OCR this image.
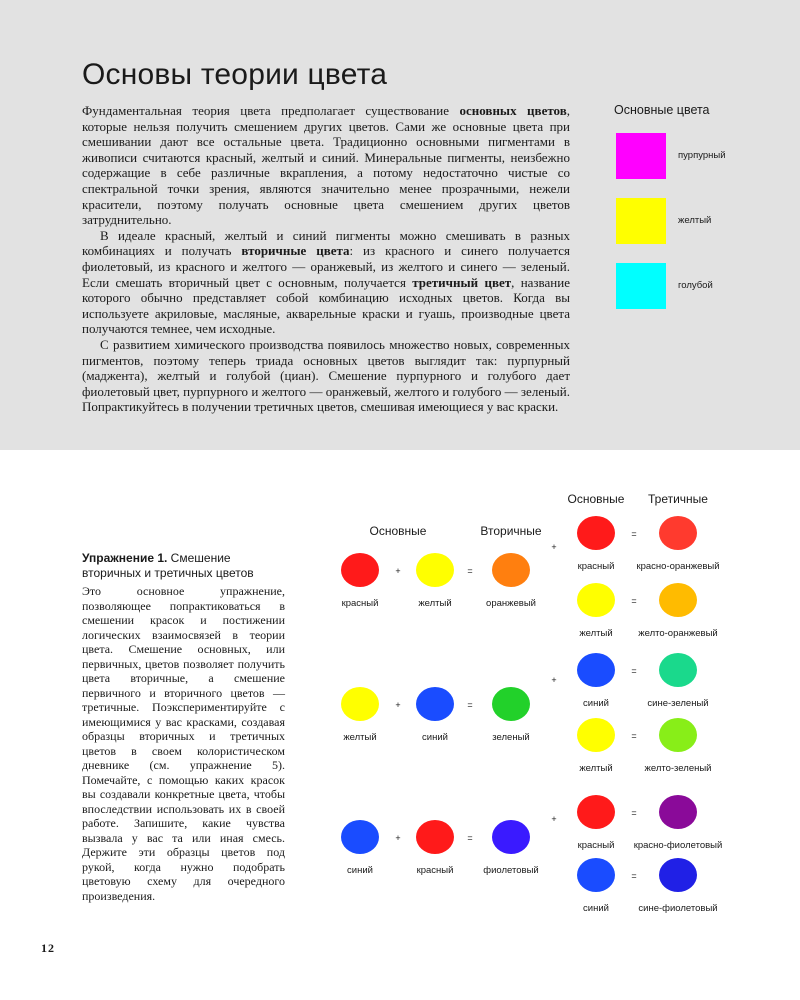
Основы теории цвета

Фундаментальная теория цвета предполагает существование основных цветов, которые нельзя получить смешением других цветов. Сами же основные цвета при смешивании дают все остальные цвета. Традиционно основными пигментами в живописи считаются красный, желтый и синий. Минеральные пигменты, неизбежно содержащие в себе различные вкрапления, а потому недостаточно чистые со спектральной точки зрения, являются значительно менее прозрачными, нежели красители, поэтому получать основные цвета смешением других цветов затруднительно.

В идеале красный, желтый и синий пигменты можно смешивать в разных комбинациях и получать вторичные цвета: из красного и синего получается фиолетовый, из красного и желтого — оранжевый, из желтого и синего — зеленый. Если смешать вторичный цвет с основным, получается третичный цвет, название которого обычно представляет собой комбинацию исходных цветов. Когда вы используете акриловые, масляные, акварельные краски и гуашь, производные цвета получаются темнее, чем исходные.

С развитием химического производства появилось множество новых, современных пигментов, поэтому теперь триада основных цветов выглядит так: пурпурный (маджента), желтый и голубой (циан). Смешение пурпурного и голубого дает фиолетовый цвет, пурпурного и желтого — оранжевый, желтого и голубого — зеленый. Попрактикуйтесь в получении третичных цветов, смешивая имеющиеся у вас краски.

Основные цвета
пурпурный
желтый
голубой
Упражнение 1. Смешение вторичных и третичных цветов
Это основное упражнение, позволяющее попрактиковаться в смешении красок и постижении логических взаимосвязей в теории цвета. Смешение основных, или первичных, цветов позволяет получить цвета вторичные, а смешение первичного и вторичного цветов — третичные. Поэкспериментируйте с имеющимися у вас красками, создавая образцы вторичных и третичных цветов в своем колористическом дневнике (см. упражнение 5). Помечайте, с помощью каких красок вы создавали конкретные цвета, чтобы впоследствии использовать их в своей работе. Запишите, какие чувства вызвала у вас та или иная смесь. Держите эти образцы цветов под рукой, когда нужно подобрать цветовую схему для очередного произведения.
Основные	Вторичные
Основные Третичные
красный
+
желтый
=
оранжевый
желтый
+
синий
=
зеленый
синий
+
красный
=
фиолетовый
+
+
+
красный
=
красно-оранжевый
желтый
=
желто-оранжевый
синий
=
сине-зеленый
желтый
=
желто-зеленый
красный
=
красно-фиолетовый
синий
=
сине-фиолетовый
12
